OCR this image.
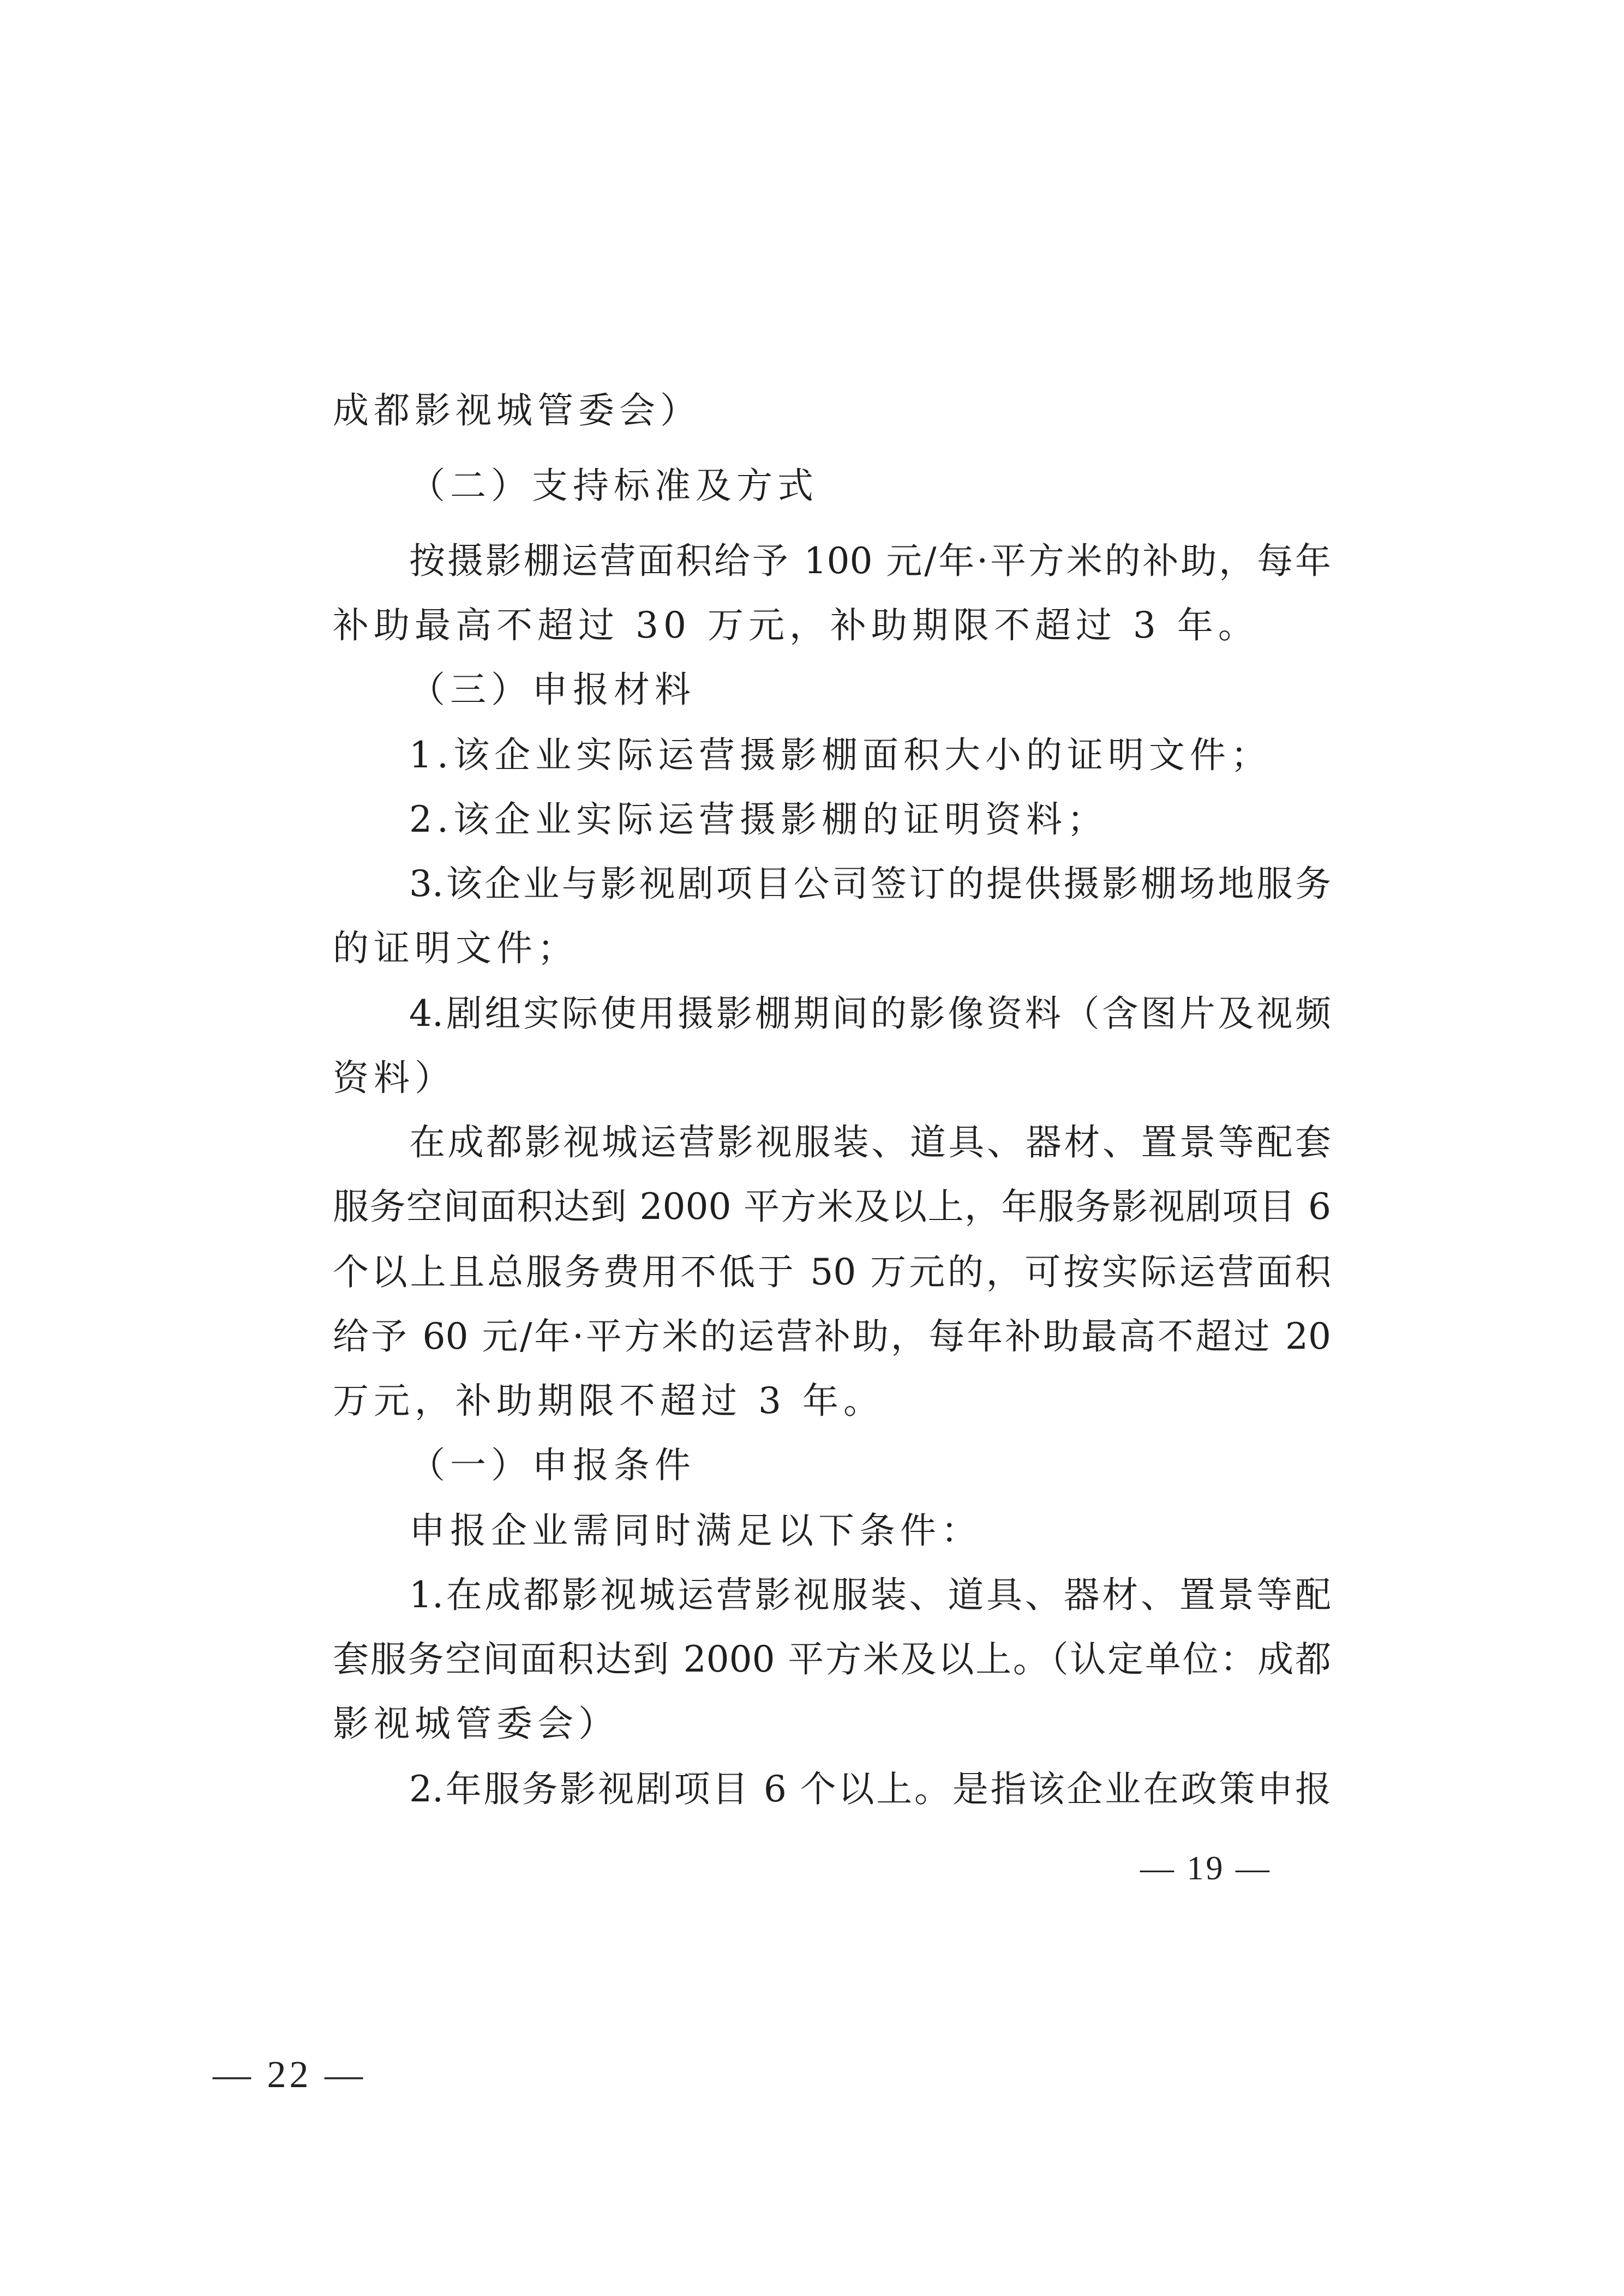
成都影视城管委会）
（二）支持标准及方式
按摄影棚运营面积给予 100 元/年·平方米的补助，每年
补助最高不超过 30 万元，补助期限不超过 3 年。
（三）申报材料
1.该企业实际运营摄影棚面积大小的证明文件；
2.该企业实际运营摄影棚的证明资料；
3.该企业与影视剧项目公司签订的提供摄影棚场地服务
的证明文件；
4.剧组实际使用摄影棚期间的影像资料（含图片及视频
资料）
在成都影视城运营影视服装、道具、器材、置景等配套
服务空间面积达到 2000 平方米及以上，年服务影视剧项目 6
个以上且总服务费用不低于 50 万元的，可按实际运营面积
给予 60 元/年·平方米的运营补助，每年补助最高不超过 20
万元，补助期限不超过 3 年。
（一）申报条件
申报企业需同时满足以下条件：
1.在成都影视城运营影视服装、道具、器材、置景等配
套服务空间面积达到 2000 平方米及以上。（认定单位：成都
影视城管委会）
2.年服务影视剧项目 6 个以上。是指该企业在政策申报
— 19 —
— 22 —
